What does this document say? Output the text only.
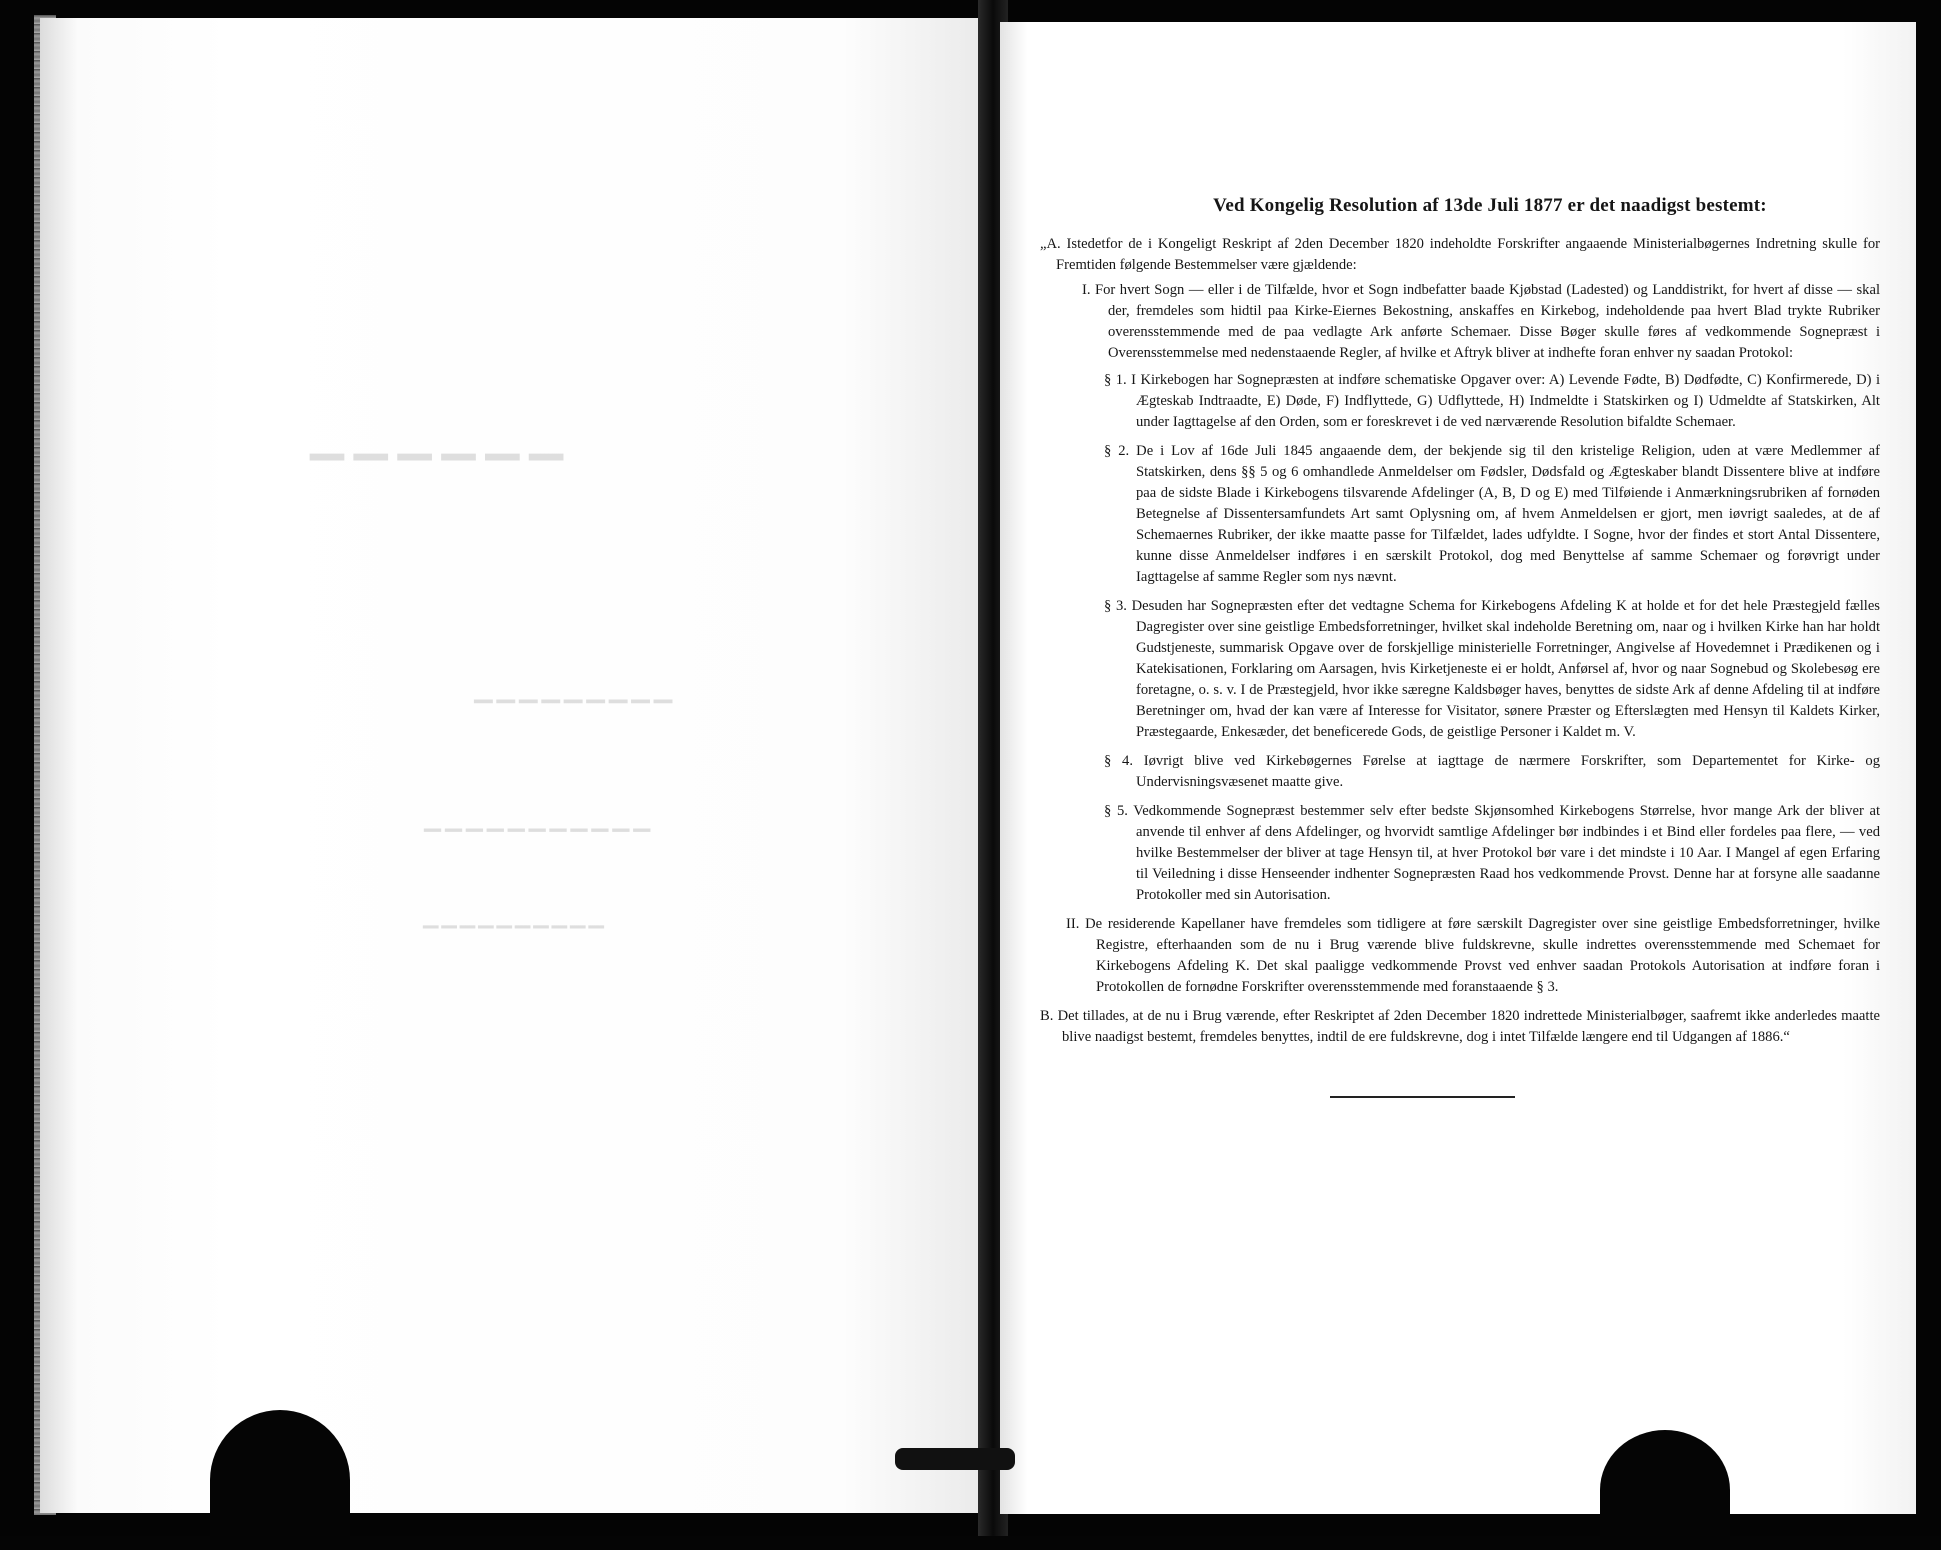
▔▔▔▔▔▔
▔▔▔▔▔▔▔▔▔
▔▔▔▔▔▔▔▔▔▔▔
▔▔▔▔▔▔▔▔▔▔
Ved Kongelig Resolution af 13de Juli 1877 er det naadigst bestemt:

„A. Istedetfor de i Kongeligt Reskript af 2den December 1820 indeholdte Forskrifter angaaende Ministerialbøgernes Indretning skulle for Fremtiden følgende Bestemmelser være gjældende:

I. For hvert Sogn — eller i de Tilfælde, hvor et Sogn indbefatter baade Kjøbstad (Ladested) og Landdistrikt, for hvert af disse — skal der, fremdeles som hidtil paa Kirke-Eiernes Bekostning, anskaffes en Kirkebog, indeholdende paa hvert Blad trykte Rubriker overensstemmende med de paa vedlagte Ark anførte Schemaer. Disse Bøger skulle føres af vedkommende Sognepræst i Overensstemmelse med nedenstaaende Regler, af hvilke et Aftryk bliver at indhefte foran enhver ny saadan Protokol:

§ 1. I Kirkebogen har Sognepræsten at indføre schematiske Opgaver over: A) Levende Fødte, B) Dødfødte, C) Konfirmerede, D) i Ægteskab Indtraadte, E) Døde, F) Indflyttede, G) Udflyttede, H) Indmeldte i Statskirken og I) Udmeldte af Statskirken, Alt under Iagttagelse af den Orden, som er foreskrevet i de ved nærværende Resolution bifaldte Schemaer.

§ 2. De i Lov af 16de Juli 1845 angaaende dem, der bekjende sig til den kristelige Religion, uden at være Medlemmer af Statskirken, dens §§ 5 og 6 omhandlede Anmeldelser om Fødsler, Dødsfald og Ægteskaber blandt Dissentere blive at indføre paa de sidste Blade i Kirkebogens tilsvarende Afdelinger (A, B, D og E) med Tilføiende i Anmærkningsrubriken af fornøden Betegnelse af Dissentersamfundets Art samt Oplysning om, af hvem Anmeldelsen er gjort, men iøvrigt saaledes, at de af Schemaernes Rubriker, der ikke maatte passe for Tilfældet, lades udfyldte. I Sogne, hvor der findes et stort Antal Dissentere, kunne disse Anmeldelser indføres i en særskilt Protokol, dog med Benyttelse af samme Schemaer og forøvrigt under Iagttagelse af samme Regler som nys nævnt.

§ 3. Desuden har Sognepræsten efter det vedtagne Schema for Kirkebogens Afdeling K at holde et for det hele Præstegjeld fælles Dagregister over sine geistlige Embedsforretninger, hvilket skal indeholde Beretning om, naar og i hvilken Kirke han har holdt Gudstjeneste, summarisk Opgave over de forskjellige ministerielle Forretninger, Angivelse af Hovedemnet i Prædikenen og i Katekisationen, Forklaring om Aarsagen, hvis Kirketjeneste ei er holdt, Anførsel af, hvor og naar Sognebud og Skolebesøg ere foretagne, o. s. v. I de Præstegjeld, hvor ikke særegne Kaldsbøger haves, benyttes de sidste Ark af denne Afdeling til at indføre Beretninger om, hvad der kan være af Interesse for Visitator, sønere Præster og Efterslægten med Hensyn til Kaldets Kirker, Præstegaarde, Enkesæder, det beneficerede Gods, de geistlige Personer i Kaldet m. V.

§ 4. Iøvrigt blive ved Kirkebøgernes Førelse at iagttage de nærmere Forskrifter, som Departementet for Kirke- og Undervisningsvæsenet maatte give.

§ 5. Vedkommende Sognepræst bestemmer selv efter bedste Skjønsomhed Kirkebogens Størrelse, hvor mange Ark der bliver at anvende til enhver af dens Afdelinger, og hvorvidt samtlige Afdelinger bør indbindes i et Bind eller fordeles paa flere, — ved hvilke Bestemmelser der bliver at tage Hensyn til, at hver Protokol bør vare i det mindste i 10 Aar. I Mangel af egen Erfaring til Veiledning i disse Henseender indhenter Sognepræsten Raad hos vedkommende Provst. Denne har at forsyne alle saadanne Protokoller med sin Autorisation.

II. De residerende Kapellaner have fremdeles som tidligere at føre særskilt Dagregister over sine geistlige Embedsforretninger, hvilke Registre, efterhaanden som de nu i Brug værende blive fuldskrevne, skulle indrettes overensstemmende med Schemaet for Kirkebogens Afdeling K. Det skal paaligge vedkommende Provst ved enhver saadan Protokols Autorisation at indføre foran i Protokollen de fornødne Forskrifter overensstemmende med foranstaaende § 3.

B. Det tillades, at de nu i Brug værende, efter Reskriptet af 2den December 1820 indrettede Ministerialbøger, saafremt ikke anderledes maatte blive naadigst bestemt, fremdeles benyttes, indtil de ere fuldskrevne, dog i intet Tilfælde længere end til Udgangen af 1886.“
